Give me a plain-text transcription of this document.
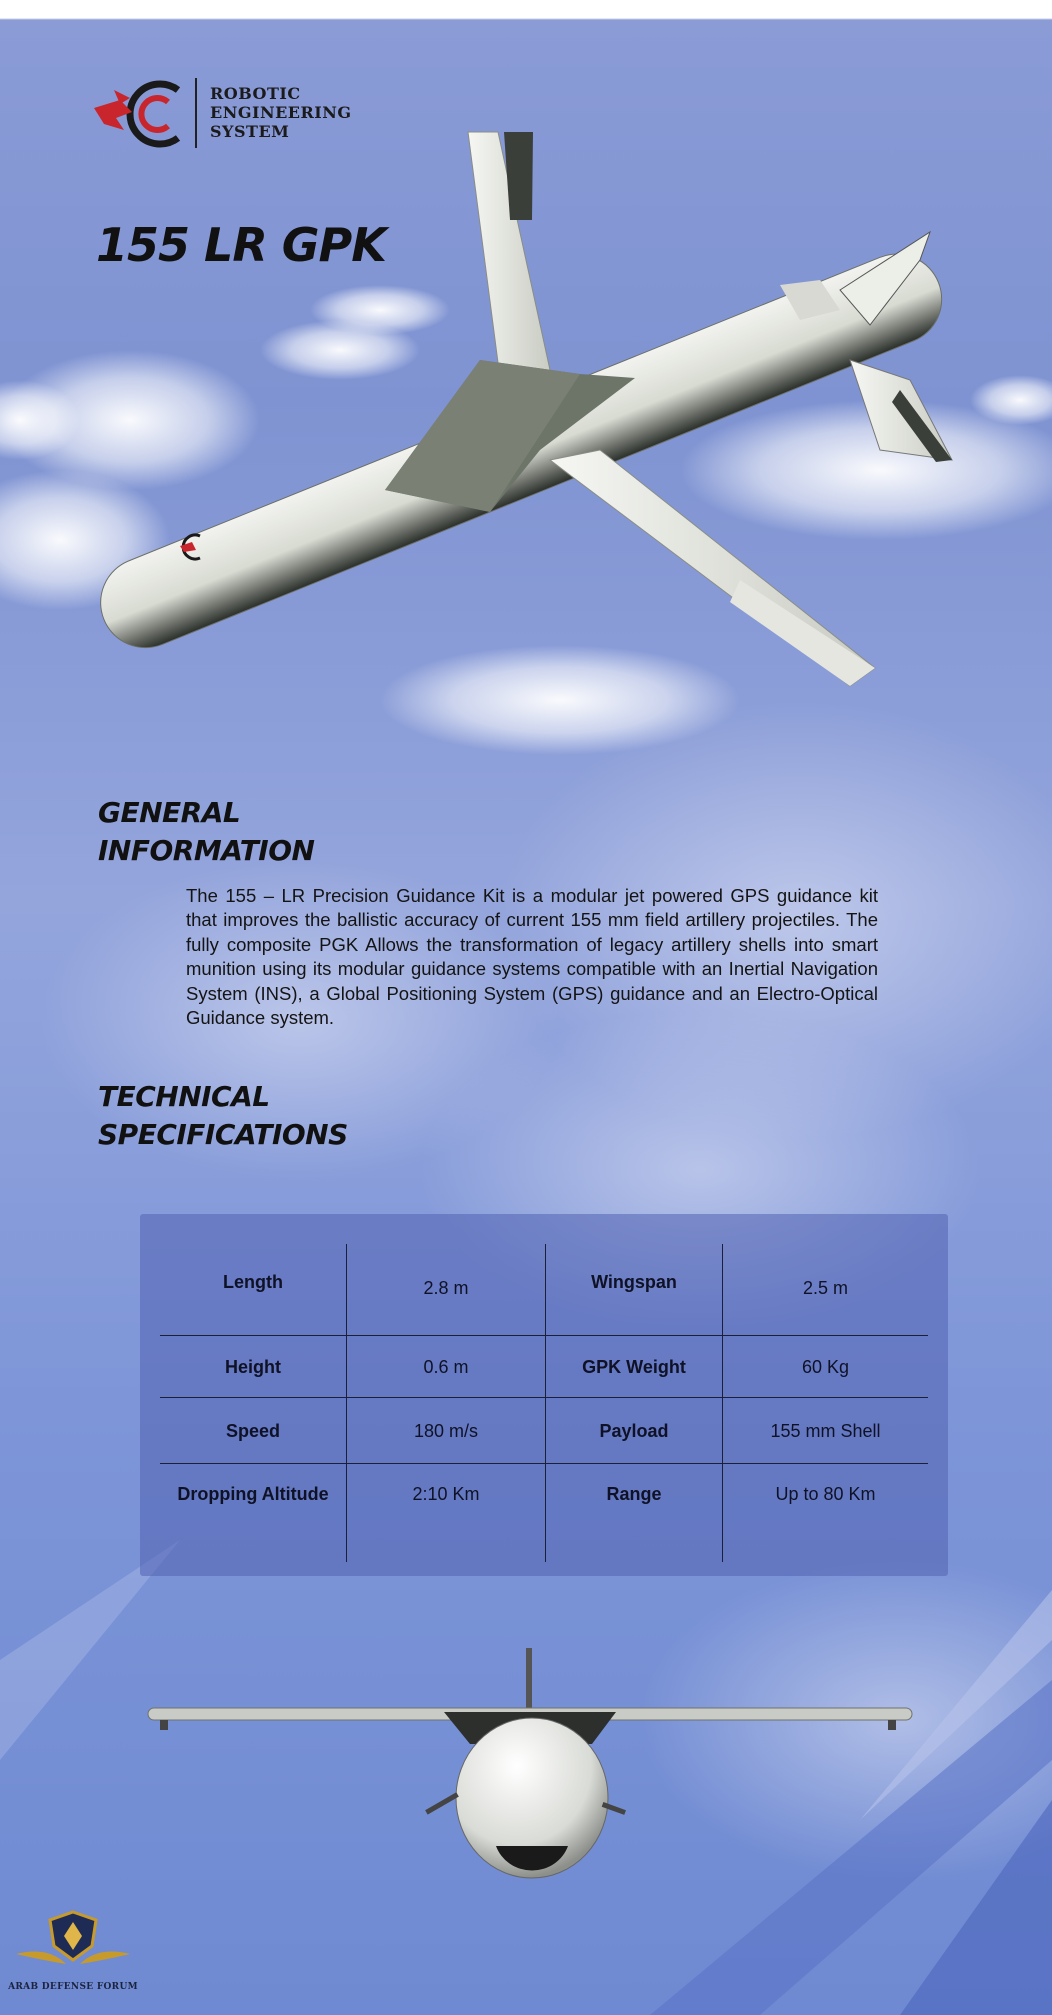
ROBOTIC
ENGINEERING
SYSTEM
155 LR GPK
GENERAL
INFORMATION

The 155 – LR Precision Guidance Kit is a modular jet powered GPS guidance kit that improves the ballistic accuracy of current 155 mm field artillery projectiles. The fully composite PGK Allows the transformation of legacy artillery shells into smart munition using its modular guidance systems compatible with an Inertial Navigation System (INS), a Global Positioning System (GPS) guidance and an Electro-Optical Guidance system.

TECHNICAL
SPECIFICATIONS
Length	2.8 m	Wingspan	2.5 m
Height	0.6 m	GPK Weight	60 Kg
Speed	180 m/s	Payload	155 mm Shell
Dropping Altitude	2:10 Km	Range	Up to 80 Km
ARAB DEFENSE FORUM
